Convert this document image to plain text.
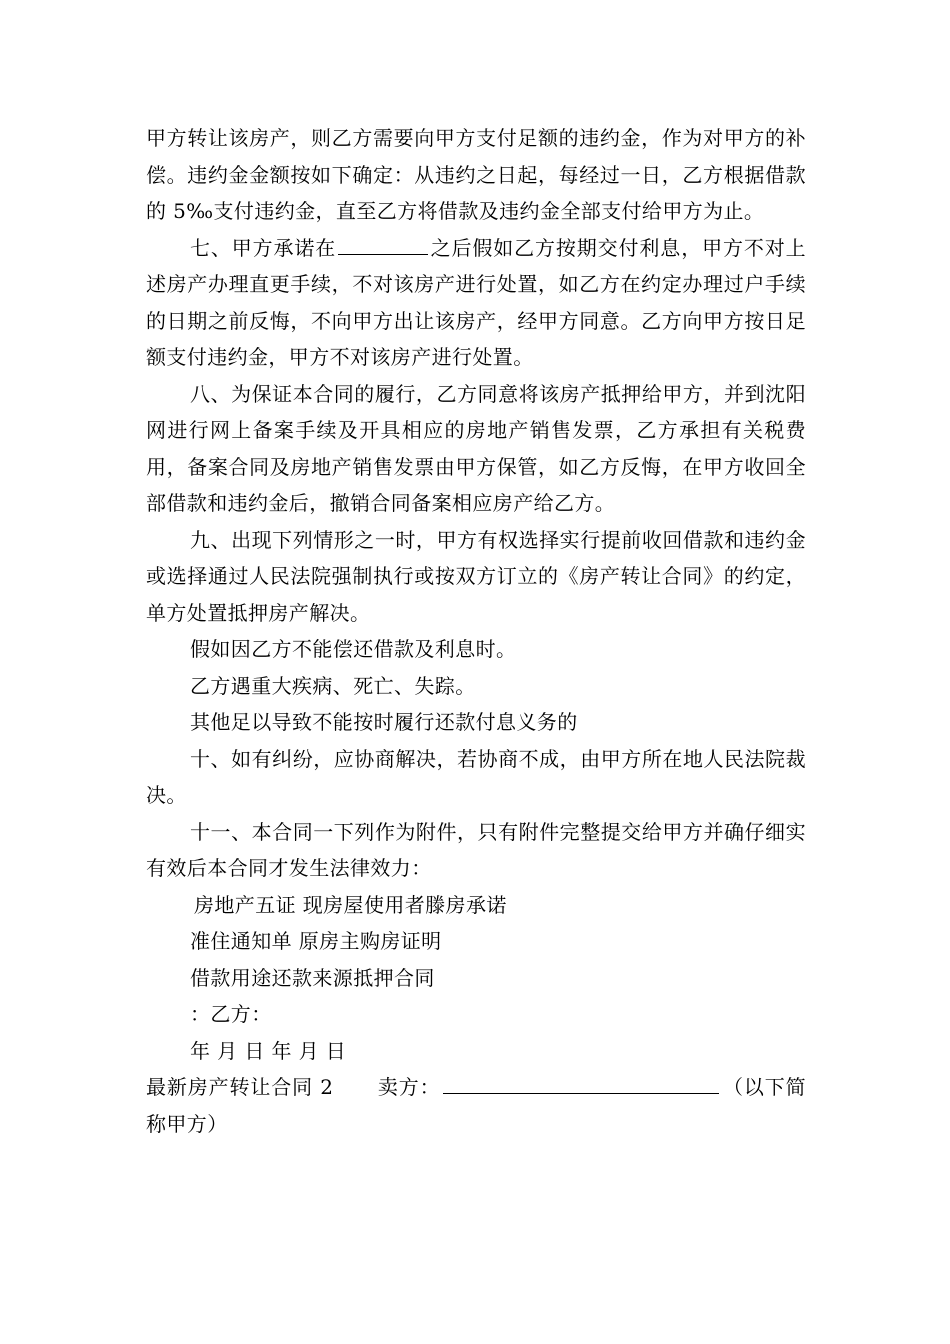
甲方转让该房产，则乙方需要向甲方支付足额的违约金，作为对甲方的补偿。违约金金额按如下确定：从违约之日起，每经过一日，乙方根据借款的 5‰支付违约金，直至乙方将借款及违约金全部支付给甲方为止。

七、甲方承诺在	之后假如乙方按期交付利息，甲方不对上述房产办理直更手续，不对该房产进行处置，如乙方在约定办理过户手续的日期之前反悔，不向甲方出让该房产，经甲方同意。乙方向甲方按日足额支付违约金，甲方不对该房产进行处置。

八、为保证本合同的履行，乙方同意将该房产抵押给甲方，并到沈阳网进行网上备案手续及开具相应的房地产销售发票，乙方承担有关税费用，备案合同及房地产销售发票由甲方保管，如乙方反悔，在甲方收回全部借款和违约金后，撤销合同备案相应房产给乙方。

九、出现下列情形之一时，甲方有权选择实行提前收回借款和违约金或选择通过人民法院强制执行或按双方订立的《房产转让合同》的约定，单方处置抵押房产解决。

假如因乙方不能偿还借款及利息时。

乙方遇重大疾病、死亡、失踪。

其他足以导致不能按时履行还款付息义务的

十、如有纠纷，应协商解决，若协商不成，由甲方所在地人民法院裁决。

十一、本合同一下列作为附件，只有附件完整提交给甲方并确仔细实有效后本合同才发生法律效力：

房地产五证 现房屋使用者滕房承诺

准住通知单 原房主购房证明

借款用途还款来源抵押合同

：乙方：

年 月 日 年 月 日

最新房产转让合同 2 卖方：	（以下简称甲方）
